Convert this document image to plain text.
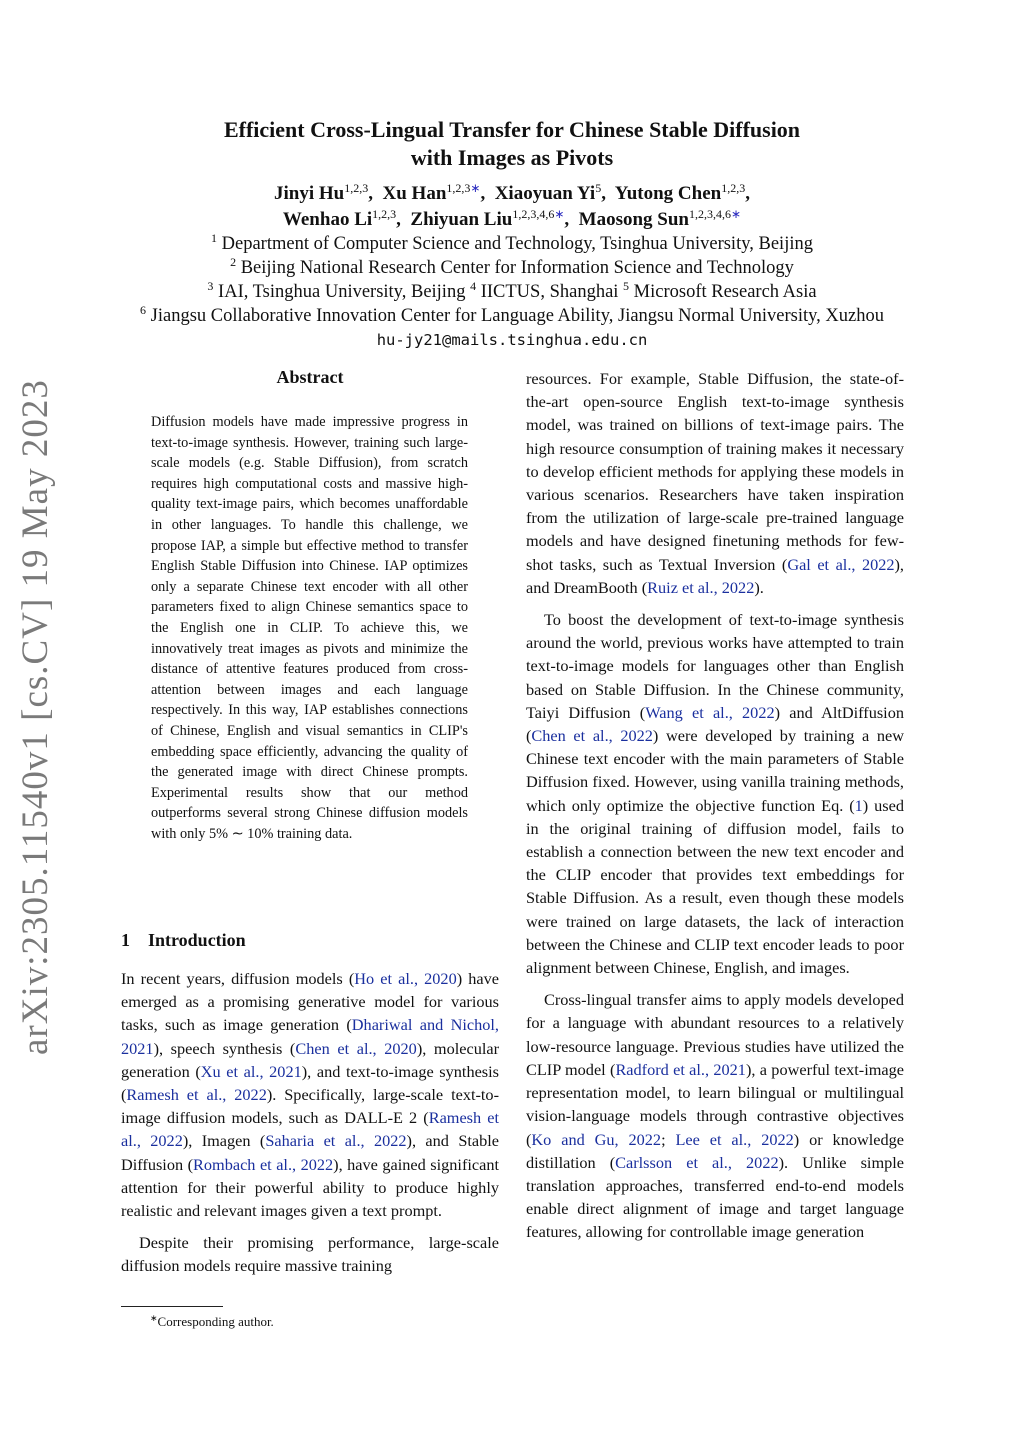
arXiv:2305.11540v1 [cs.CV] 19 May 2023
Efficient Cross-Lingual Transfer for Chinese Stable Diffusion
with Images as Pivots
Jinyi Hu$^{1,2,3}$, Xu Han$^{1,2,3∗}$, Xiaoyuan Yi$^5$, Yutong Chen$^{1,2,3}$,
Wenhao Li$^{1,2,3}$, Zhiyuan Liu$^{1,2,3,4,6∗}$, Maosong Sun$^{1,2,3,4,6∗}$
$^1$ Department of Computer Science and Technology, Tsinghua University, Beijing
$^2$ Beijing National Research Center for Information Science and Technology
$^3$ IAI, Tsinghua University, Beijing $^4$ IICTUS, Shanghai $^5$ Microsoft Research Asia
$^6$ Jiangsu Collaborative Innovation Center for Language Ability, Jiangsu Normal University, Xuzhou
hu-jy21@mails.tsinghua.edu.cn
Abstract
Diffusion models have made impressive progress in text-to-image synthesis. However, training such large-scale models (e.g. Stable Diffusion), from scratch requires high computational costs and massive high-quality text-image pairs, which becomes unaffordable in other languages. To handle this challenge, we propose IAP, a simple but effective method to transfer English Stable Diffusion into Chinese. IAP optimizes only a separate Chinese text encoder with all other parameters fixed to align Chinese semantics space to the English one in CLIP. To achieve this, we innovatively treat images as pivots and minimize the distance of attentive features produced from cross-attention between images and each language respectively. In this way, IAP establishes connections of Chinese, English and visual semantics in CLIP's embedding space efficiently, advancing the quality of the generated image with direct Chinese prompts. Experimental results show that our method outperforms several strong Chinese diffusion models with only 5% ∼ 10% training data.
1 Introduction

In recent years, diffusion models (Ho et al., 2020) have emerged as a promising generative model for various tasks, such as image generation (Dhariwal and Nichol, 2021), speech synthesis (Chen et al., 2020), molecular generation (Xu et al., 2021), and text-to-image synthesis (Ramesh et al., 2022). Specifically, large-scale text-to-image diffusion models, such as DALL-E 2 (Ramesh et al., 2022), Imagen (Saharia et al., 2022), and Stable Diffusion (Rombach et al., 2022), have gained significant attention for their powerful ability to produce highly realistic and relevant images given a text prompt.

Despite their promising performance, large-scale diffusion models require massive training

resources. For example, Stable Diffusion, the state-of-the-art open-source English text-to-image synthesis model, was trained on billions of text-image pairs. The high resource consumption of training makes it necessary to develop efficient methods for applying these models in various scenarios. Researchers have taken inspiration from the utilization of large-scale pre-trained language models and have designed finetuning methods for few-shot tasks, such as Textual Inversion (Gal et al., 2022), and DreamBooth (Ruiz et al., 2022).

To boost the development of text-to-image synthesis around the world, previous works have attempted to train text-to-image models for languages other than English based on Stable Diffusion. In the Chinese community, Taiyi Diffusion (Wang et al., 2022) and AltDiffusion (Chen et al., 2022) were developed by training a new Chinese text encoder with the main parameters of Stable Diffusion fixed. However, using vanilla training methods, which only optimize the objective function Eq. (1) used in the original training of diffusion model, fails to establish a connection between the new text encoder and the CLIP encoder that provides text embeddings for Stable Diffusion. As a result, even though these models were trained on large datasets, the lack of interaction between the Chinese and CLIP text encoder leads to poor alignment between Chinese, English, and images.

Cross-lingual transfer aims to apply models developed for a language with abundant resources to a relatively low-resource language. Previous studies have utilized the CLIP model (Radford et al., 2021), a powerful text-image representation model, to learn bilingual or multilingual vision-language models through contrastive objectives (Ko and Gu, 2022; Lee et al., 2022) or knowledge distillation (Carlsson et al., 2022). Unlike simple translation approaches, transferred end-to-end models enable direct alignment of image and target language features, allowing for controllable image generation

∗Corresponding author.
